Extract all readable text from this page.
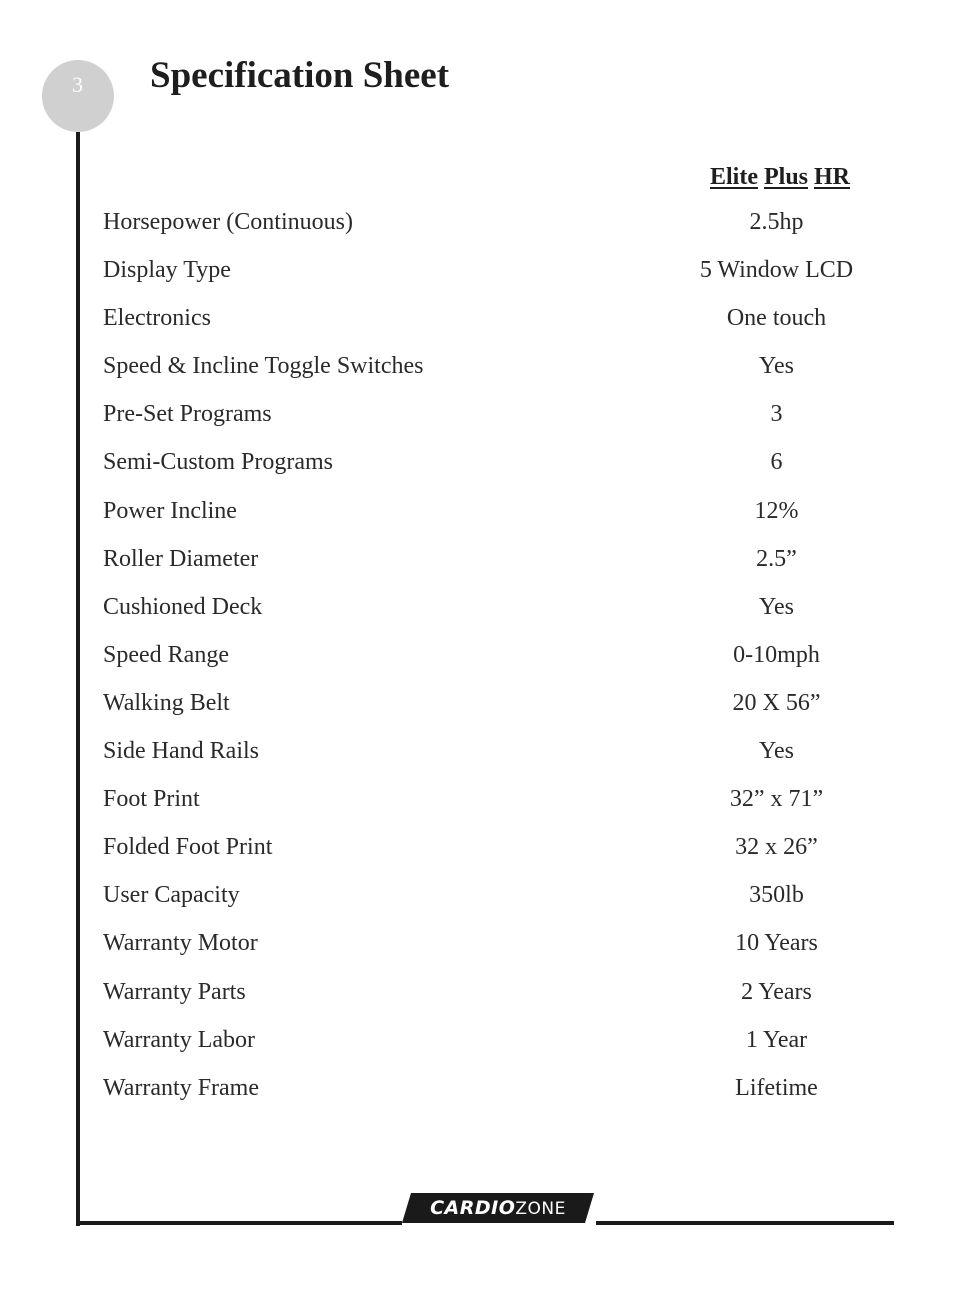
3 Specification Sheet
Elite Plus HR
Horsepower (Continuous)	2.5hp
Display Type	5 Window LCD
Electronics	One touch
Speed & Incline Toggle Switches	Yes
Pre-Set Programs	3
Semi-Custom Programs	6
Power Incline	12%
Roller Diameter	2.5”
Cushioned Deck	Yes
Speed Range	0-10mph
Walking Belt	20 X 56”
Side Hand Rails	Yes
Foot Print	32” x 71”
Folded Foot Print	32 x 26”
User Capacity	350lb
Warranty Motor	10 Years
Warranty Parts	2 Years
Warranty Labor	1 Year
Warranty Frame	Lifetime
CARDIOZONE
